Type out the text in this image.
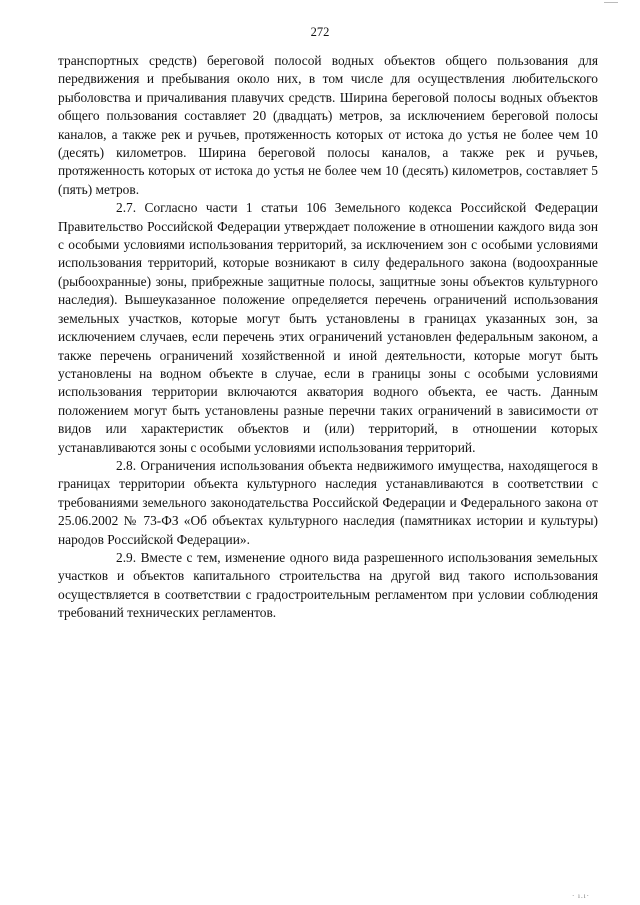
272

транспортных средств) береговой полосой водных объектов общего пользования для передвижения и пребывания около них, в том числе для осуществления любительского рыболовства и причаливания плавучих средств. Ширина береговой полосы водных объектов общего пользования составляет 20 (двадцать) метров, за исключением береговой полосы каналов, а также рек и ручьев, протяженность которых от истока до устья не более чем 10 (десять) километров. Ширина береговой полосы каналов, а также рек и ручьев, протяженность которых от истока до устья не более чем 10 (десять) километров, составляет 5 (пять) метров.

2.7. Согласно части 1 статьи 106 Земельного кодекса Российской Федерации Правительство Российской Федерации утверждает положение в отношении каждого вида зон с особыми условиями использования территорий, за исключением зон с особыми условиями использования территорий, которые возникают в силу федерального закона (водоохранные (рыбоохранные) зоны, прибрежные защитные полосы, защитные зоны объектов культурного наследия). Вышеуказанное положение определяется перечень ограничений использования земельных участков, которые могут быть установлены в границах указанных зон, за исключением случаев, если перечень этих ограничений установлен федеральным законом, а также перечень ограничений хозяйственной и иной деятельности, которые могут быть установлены на водном объекте в случае, если в границы зоны с особыми условиями использования территории включаются акватория водного объекта, ее часть. Данным положением могут быть установлены разные перечни таких ограничений в зависимости от видов или характеристик объектов и (или) территорий, в отношении которых устанавливаются зоны с особыми условиями использования территорий.

2.8. Ограничения использования объекта недвижимого имущества, находящегося в границах территории объекта культурного наследия устанавливаются в соответствии с требованиями земельного законодательства Российской Федерации и Федерального закона от 25.06.2002 № 73-ФЗ «Об объектах культурного наследия (памятниках истории и культуры) народов Российской Федерации».

2.9. Вместе с тем, изменение одного вида разрешенного использования земельных участков и объектов капитального строительства на другой вид такого использования осуществляется в соответствии с градостроительным регламентом при условии соблюдения требований технических регламентов.

· ı.ı·
